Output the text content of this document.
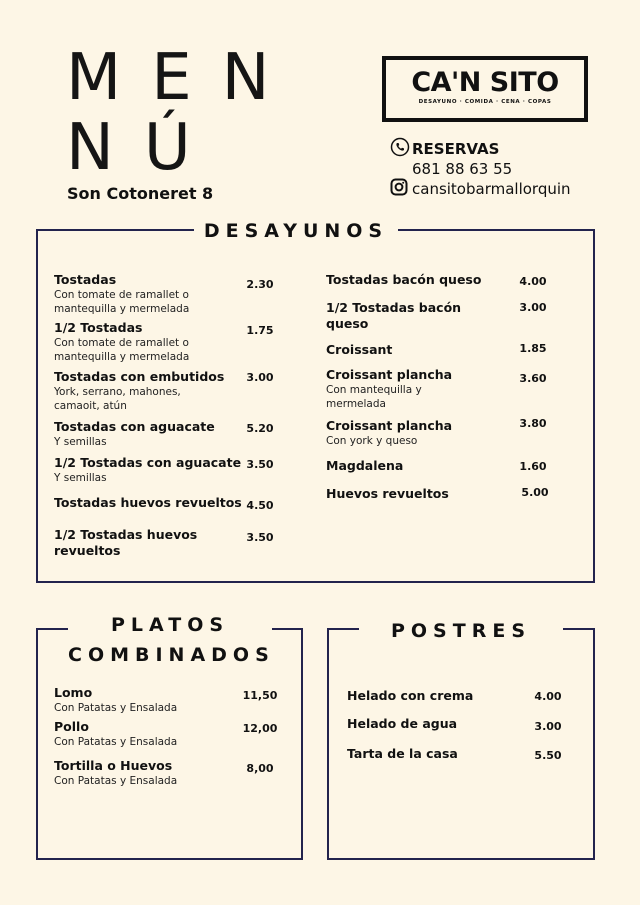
MEN
NÚ
Son Cotoneret 8
CA'N SITO
DESAYUNO · COMIDA · CENA · COPAS
RESERVAS
681 88 63 55
cansitobarmallorquin
DESAYUNOS
Tostadas
Con tomate de ramallet o mantequilla y mermelada
2.30
1/2 Tostadas
Con tomate de ramallet o mantequilla y mermelada
1.75
Tostadas con embutidos
York, serrano, mahones, camaoit, atún
3.00
Tostadas con aguacate
Y semillas
5.20
1/2 Tostadas con aguacate
Y semillas
3.50
Tostadas huevos revueltos 4.50
1/2 Tostadas huevos revueltos
3.50
Tostadas bacón queso	4.00
1/2 Tostadas bacón queso
3.00
Croissant	1.85
Croissant plancha
Con mantequilla y mermelada
3.60
Croissant plancha
Con york y queso
3.80
Magdalena	1.60
Huevos revueltos	5.00
PLATOS
COMBINADOS
Lomo
Con Patatas y Ensalada
11,50
Pollo
Con Patatas y Ensalada
12,00
Tortilla o Huevos
Con Patatas y Ensalada
8,00
POSTRES
Helado con crema	4.00
Helado de agua	3.00
Tarta de la casa	5.50
